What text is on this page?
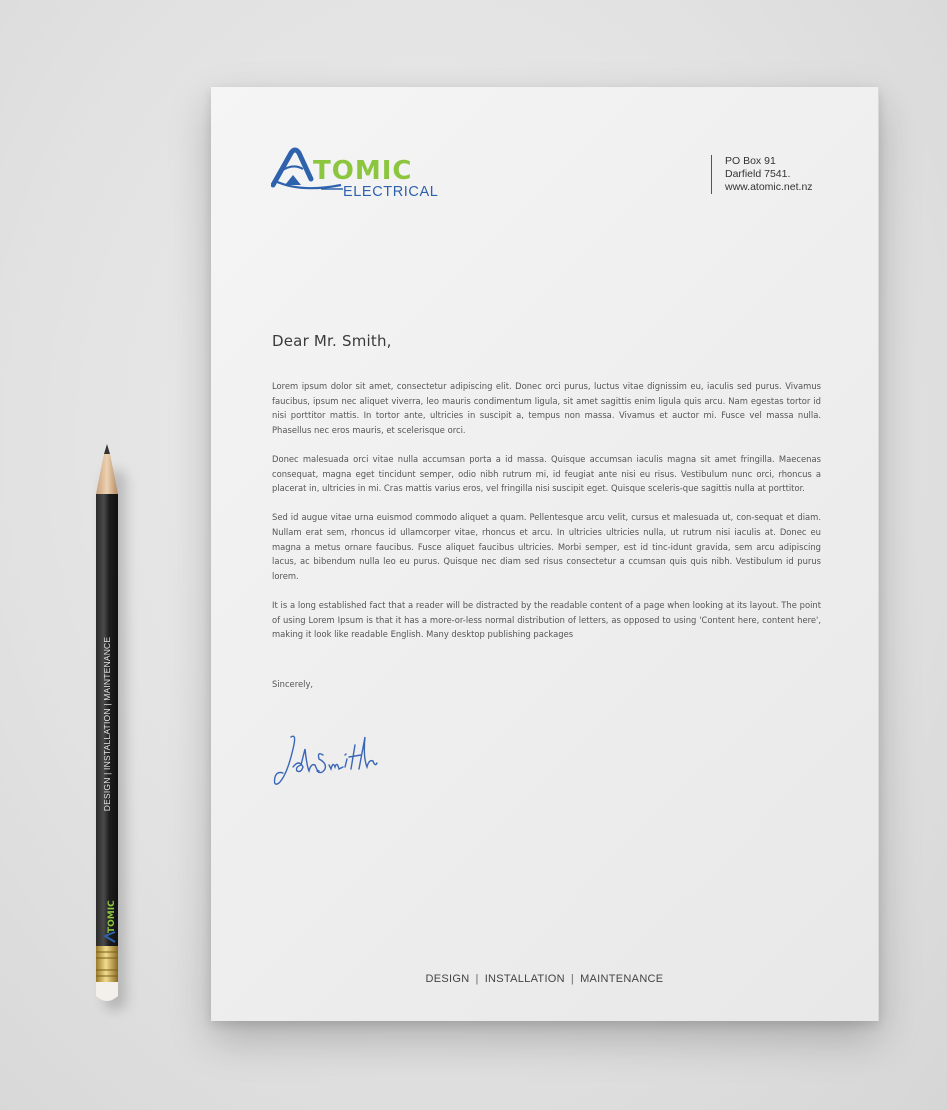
TOMIC
ELECTRICAL
PO Box 91
Darfield 7541.
www.atomic.net.nz
Dear Mr. Smith,

Lorem ipsum dolor sit amet, consectetur adipiscing elit. Donec orci purus, luctus vitae dignissim eu, iaculis sed purus. Vivamus faucibus, ipsum nec aliquet viverra, leo mauris condimentum ligula, sit amet sagittis enim ligula quis arcu. Nam egestas tortor id nisi porttitor mattis. In tortor ante, ultricies in suscipit a, tempus non massa. Vivamus et auctor mi. Fusce vel massa nulla. Phasellus nec eros mauris, et scelerisque orci.

Donec malesuada orci vitae nulla accumsan porta a id massa. Quisque accumsan iaculis magna sit amet fringilla. Maecenas consequat, magna eget tincidunt semper, odio nibh rutrum mi, id feugiat ante nisi eu risus. Vestibulum nunc orci, rhoncus a placerat in, ultricies in mi. Cras mattis varius eros, vel fringilla nisi suscipit eget. Quisque sceleris-que sagittis nulla at porttitor.

Sed id augue vitae urna euismod commodo aliquet a quam. Pellentesque arcu velit, cursus et malesuada ut, con-sequat et diam. Nullam erat sem, rhoncus id ullamcorper vitae, rhoncus et arcu. In ultricies ultricies nulla, ut rutrum nisi iaculis at. Donec eu magna a metus ornare faucibus. Fusce aliquet faucibus ultricies. Morbi semper, est id tinc-idunt gravida, sem arcu adipiscing lacus, ac bibendum nulla leo eu purus. Quisque nec diam sed risus consectetur a ccumsan quis quis nibh. Vestibulum id purus lorem.

It is a long established fact that a reader will be distracted by the readable content of a page when looking at its layout. The point of using Lorem Ipsum is that it has a more-or-less normal distribution of letters, as opposed to using 'Content here, content here', making it look like readable English. Many desktop publishing packages

Sincerely,
DESIGN | INSTALLATION | MAINTENANCE
DESIGN | INSTALLATION | MAINTENANCE
TOMIC
